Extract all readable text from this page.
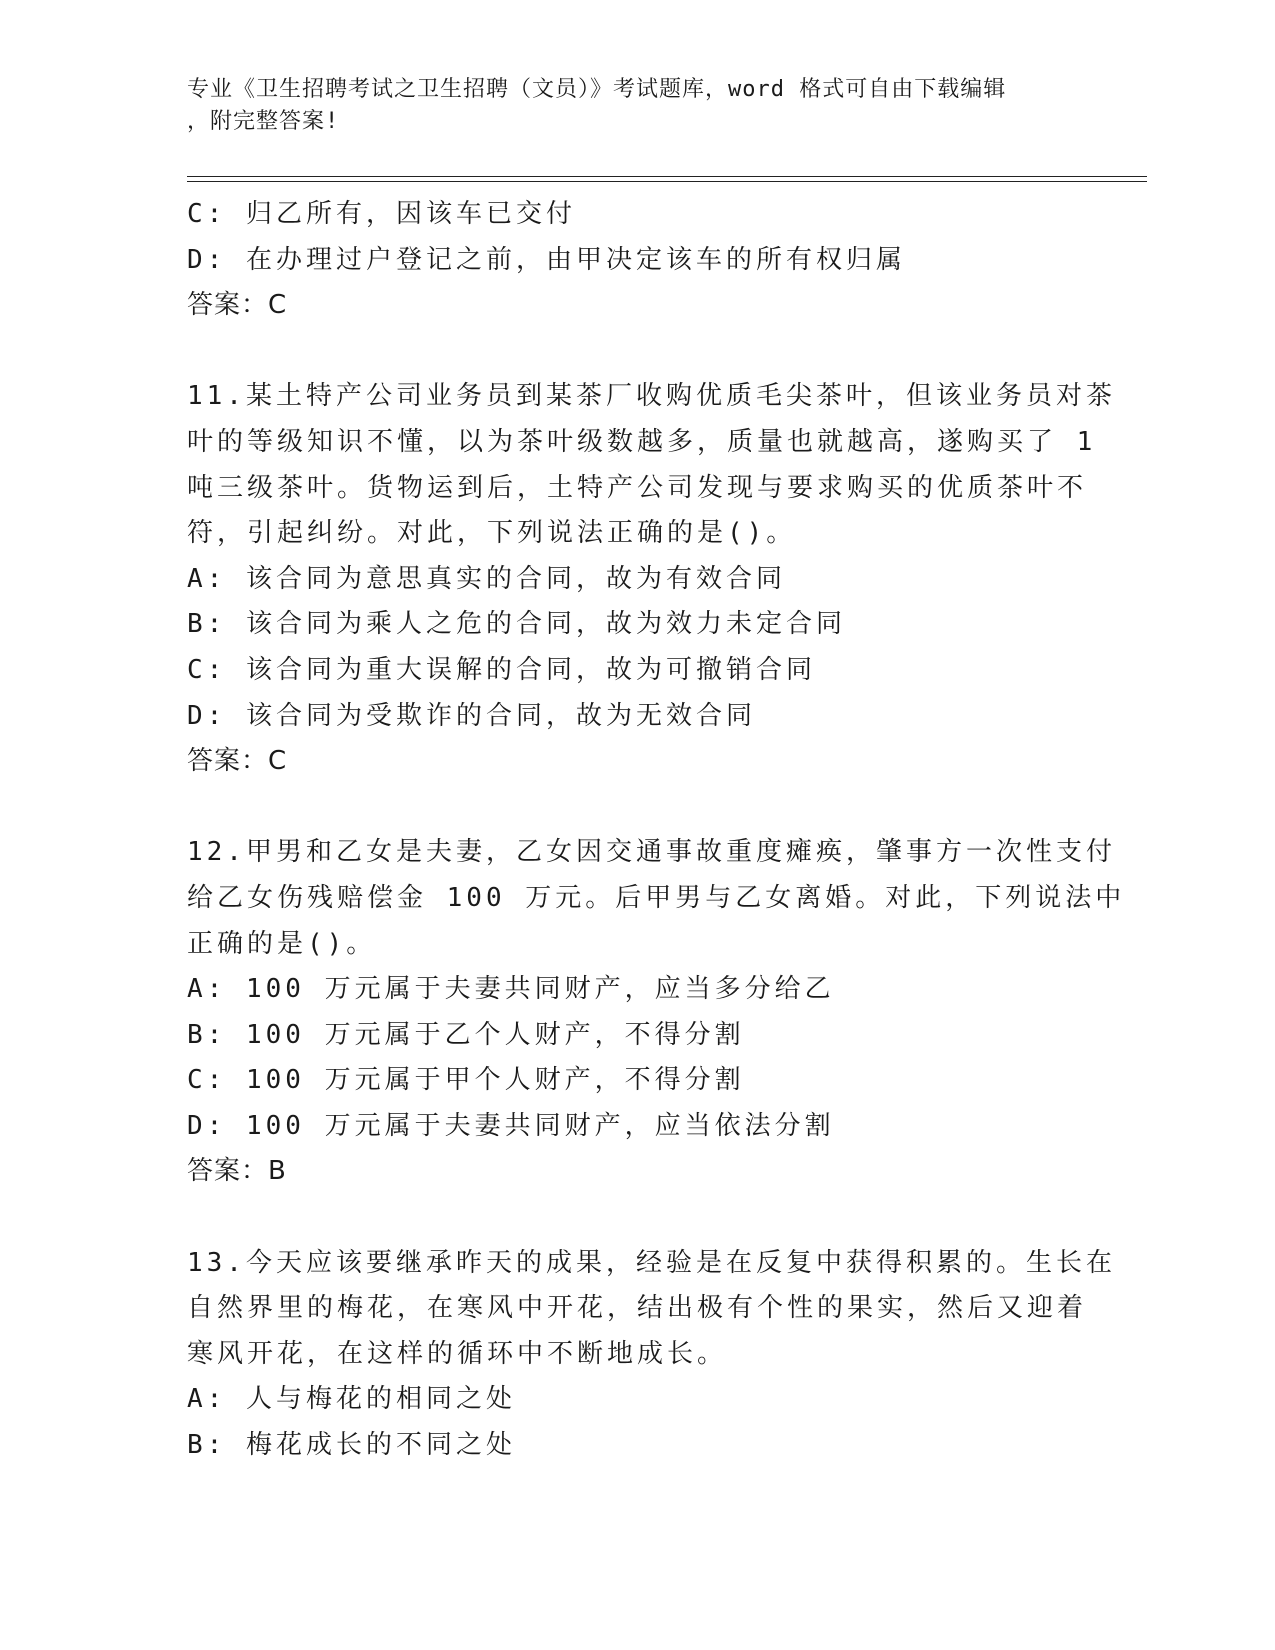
专业《卫生招聘考试之卫生招聘（文员）》考试题库，word 格式可自由下载编辑
，附完整答案!
C: 归乙所有，因该车已交付
D: 在办理过户登记之前，由甲决定该车的所有权归属
答案：C
11.某土特产公司业务员到某茶厂收购优质毛尖茶叶，但该业务员对茶
叶的等级知识不懂，以为茶叶级数越多，质量也就越高，遂购买了 1
吨三级茶叶。货物运到后，土特产公司发现与要求购买的优质茶叶不
符，引起纠纷。对此，下列说法正确的是()。
A: 该合同为意思真实的合同，故为有效合同
B: 该合同为乘人之危的合同，故为效力未定合同
C: 该合同为重大误解的合同，故为可撤销合同
D: 该合同为受欺诈的合同，故为无效合同
答案：C
12.甲男和乙女是夫妻，乙女因交通事故重度瘫痪，肇事方一次性支付
给乙女伤残赔偿金 100 万元。后甲男与乙女离婚。对此，下列说法中
正确的是()。
A: 100 万元属于夫妻共同财产，应当多分给乙
B: 100 万元属于乙个人财产，不得分割
C: 100 万元属于甲个人财产，不得分割
D: 100 万元属于夫妻共同财产，应当依法分割
答案：B
13.今天应该要继承昨天的成果，经验是在反复中获得积累的。生长在
自然界里的梅花，在寒风中开花，结出极有个性的果实，然后又迎着
寒风开花，在这样的循环中不断地成长。
A: 人与梅花的相同之处
B: 梅花成长的不同之处
